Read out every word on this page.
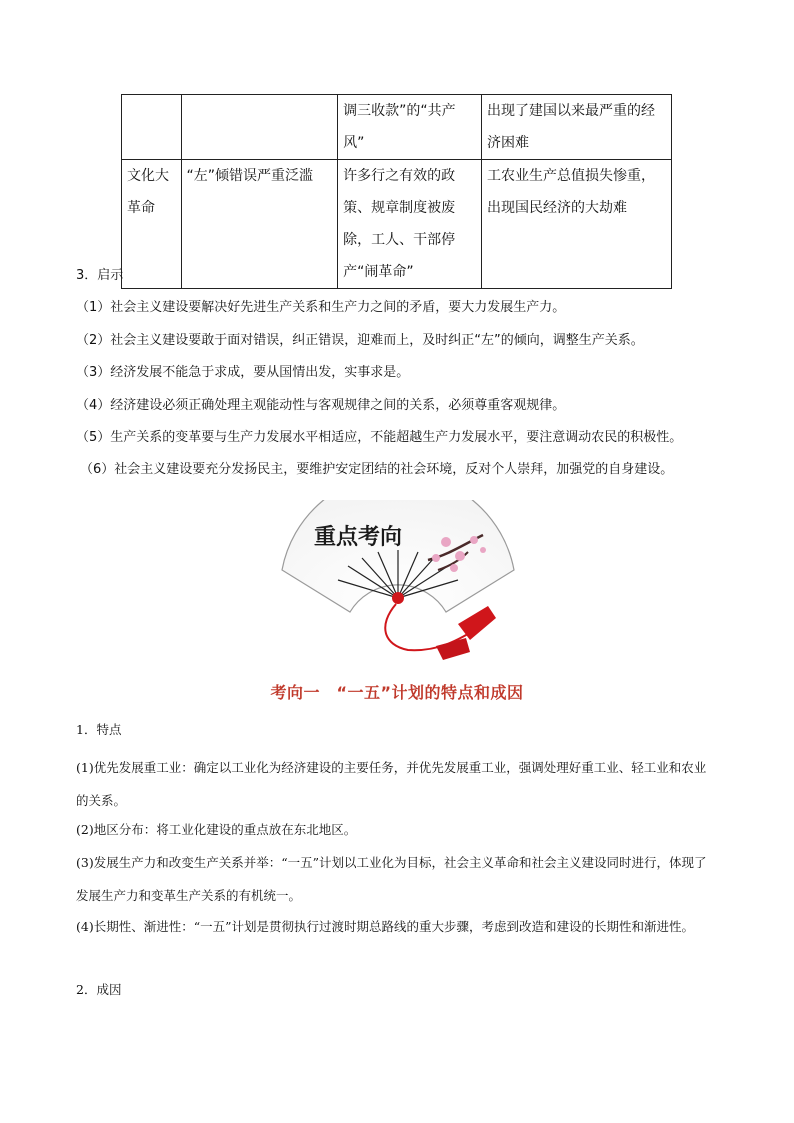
		调三收款”的“共产风”	出现了建国以来最严重的经济困难
文化大革命	“左”倾错误严重泛滥	许多行之有效的政策、规章制度被废除，工人、干部停产“闹革命”	工农业生产总值损失惨重，出现国民经济的大劫难
3．启示
（1）社会主义建设要解决好先进生产关系和生产力之间的矛盾，要大力发展生产力。
（2）社会主义建设要敢于面对错误，纠正错误，迎难而上，及时纠正“左”的倾向，调整生产关系。
（3）经济发展不能急于求成，要从国情出发，实事求是。
（4）经济建设必须正确处理主观能动性与客观规律之间的关系，必须尊重客观规律。
（5）生产关系的变革要与生产力发展水平相适应，不能超越生产力发展水平，要注意调动农民的积极性。
（6）社会主义建设要充分发扬民主，要维护安定团结的社会环境，反对个人崇拜，加强党的自身建设。
重点考向
考向一　“一五”计划的特点和成因
1．特点
(1)优先发展重工业：确定以工业化为经济建设的主要任务，并优先发展重工业，强调处理好重工业、轻工业和农业的关系。
(2)地区分布：将工业化建设的重点放在东北地区。
(3)发展生产力和改变生产关系并举：“一五”计划以工业化为目标，社会主义革命和社会主义建设同时进行，体现了发展生产力和变革生产关系的有机统一。
(4)长期性、渐进性：“一五”计划是贯彻执行过渡时期总路线的重大步骤，考虑到改造和建设的长期性和渐进性。
2．成因
